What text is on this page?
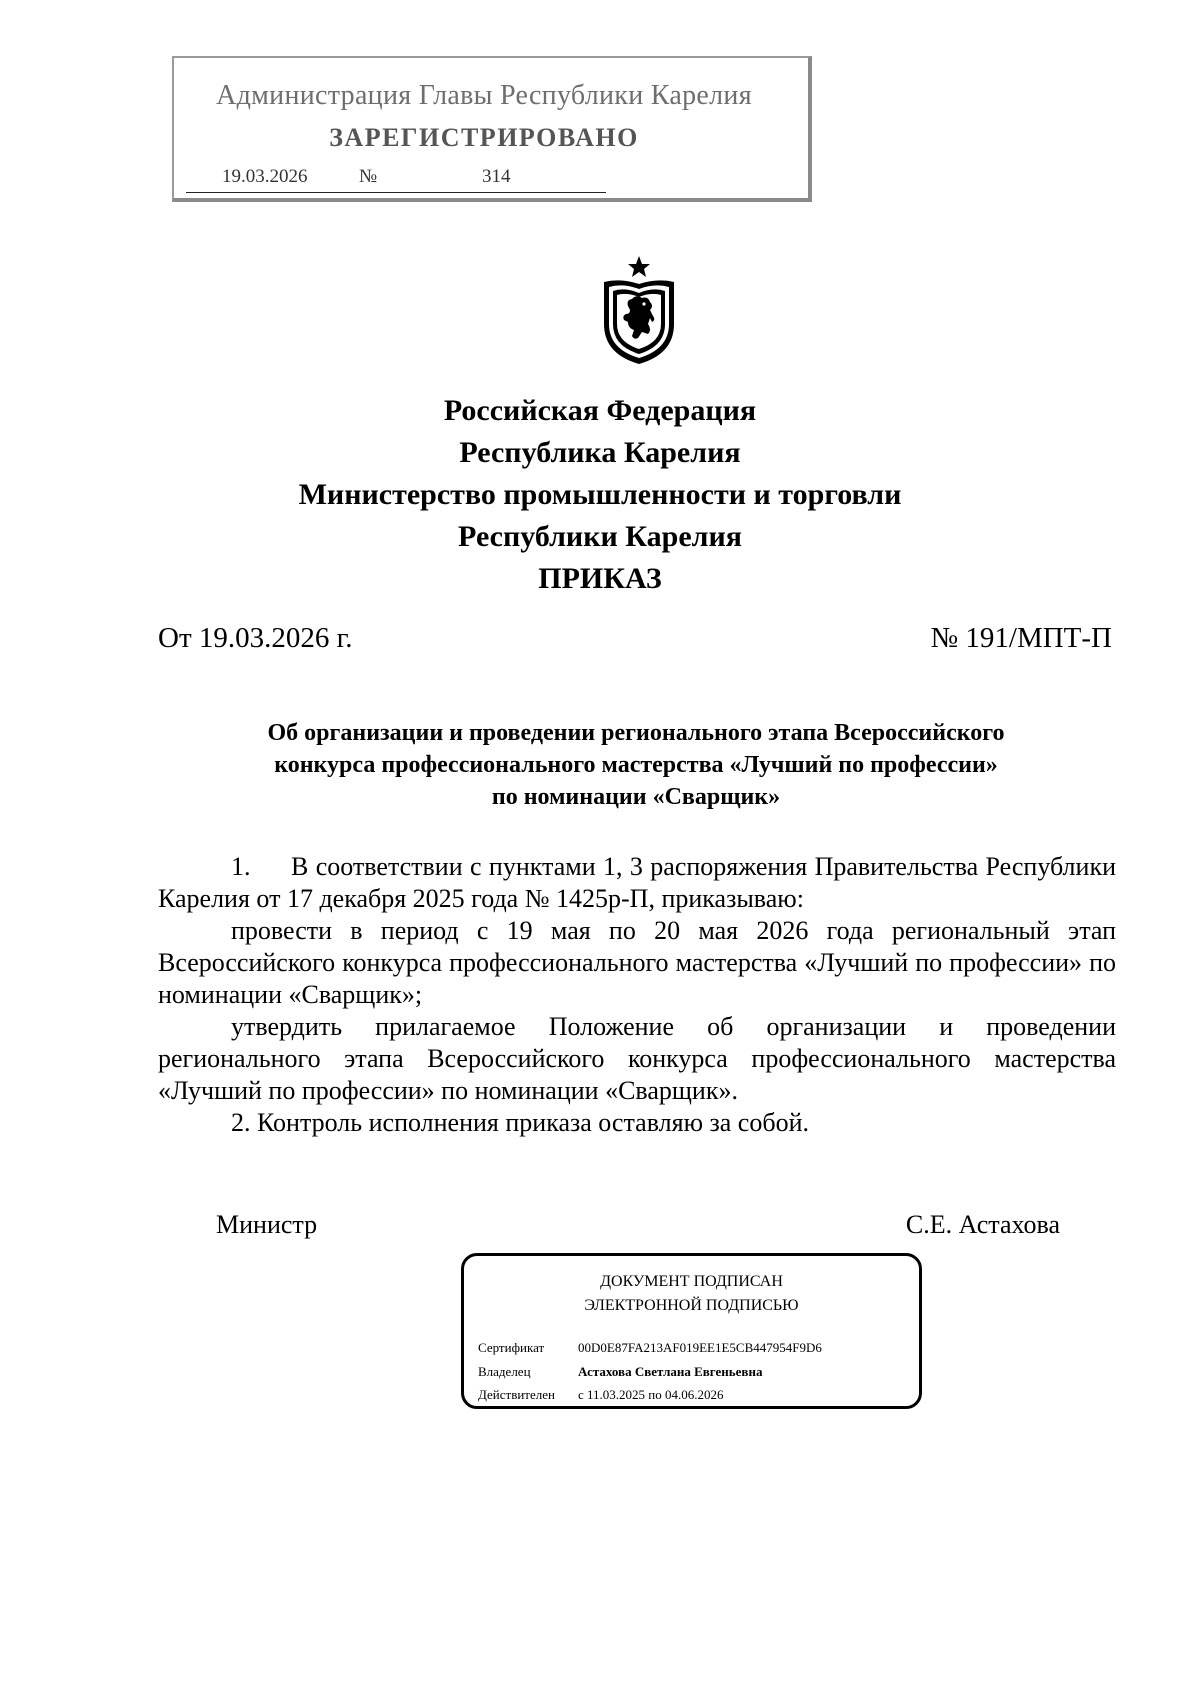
Администрация Главы Республики Карелия
ЗАРЕГИСТРИРОВАНО
19.03.2026	№	314
Российская Федерация
Республика Карелия
Министерство промышленности и торговли
Республики Карелия
ПРИКАЗ
От 19.03.2026 г.	№ 191/МПТ-П
Об организации и проведении регионального этапа Всероссийского
конкурса профессионального мастерства «Лучший по профессии»
по номинации «Сварщик»

1. В соответствии с пунктами 1, 3 распоряжения Правительства Республики Карелия от 17 декабря 2025 года № 1425р-П, приказываю:

провести в период с 19 мая по 20 мая 2026 года региональный этап Всероссийского конкурса профессионального мастерства «Лучший по профессии» по номинации «Сварщик»;

утвердить прилагаемое Положение об организации и проведении регионального этапа Всероссийского конкурса профессионального мастерства «Лучший по профессии» по номинации «Сварщик».

2. Контроль исполнения приказа оставляю за собой.

Министр	С.Е. Астахова
ДОКУМЕНТ ПОДПИСАН
ЭЛЕКТРОННОЙ ПОДПИСЬЮ
Сертификат	00D0E87FA213AF019EE1E5CB447954F9D6
Владелец	Астахова Светлана Евгеньевна
Действителен с 11.03.2025 по 04.06.2026
